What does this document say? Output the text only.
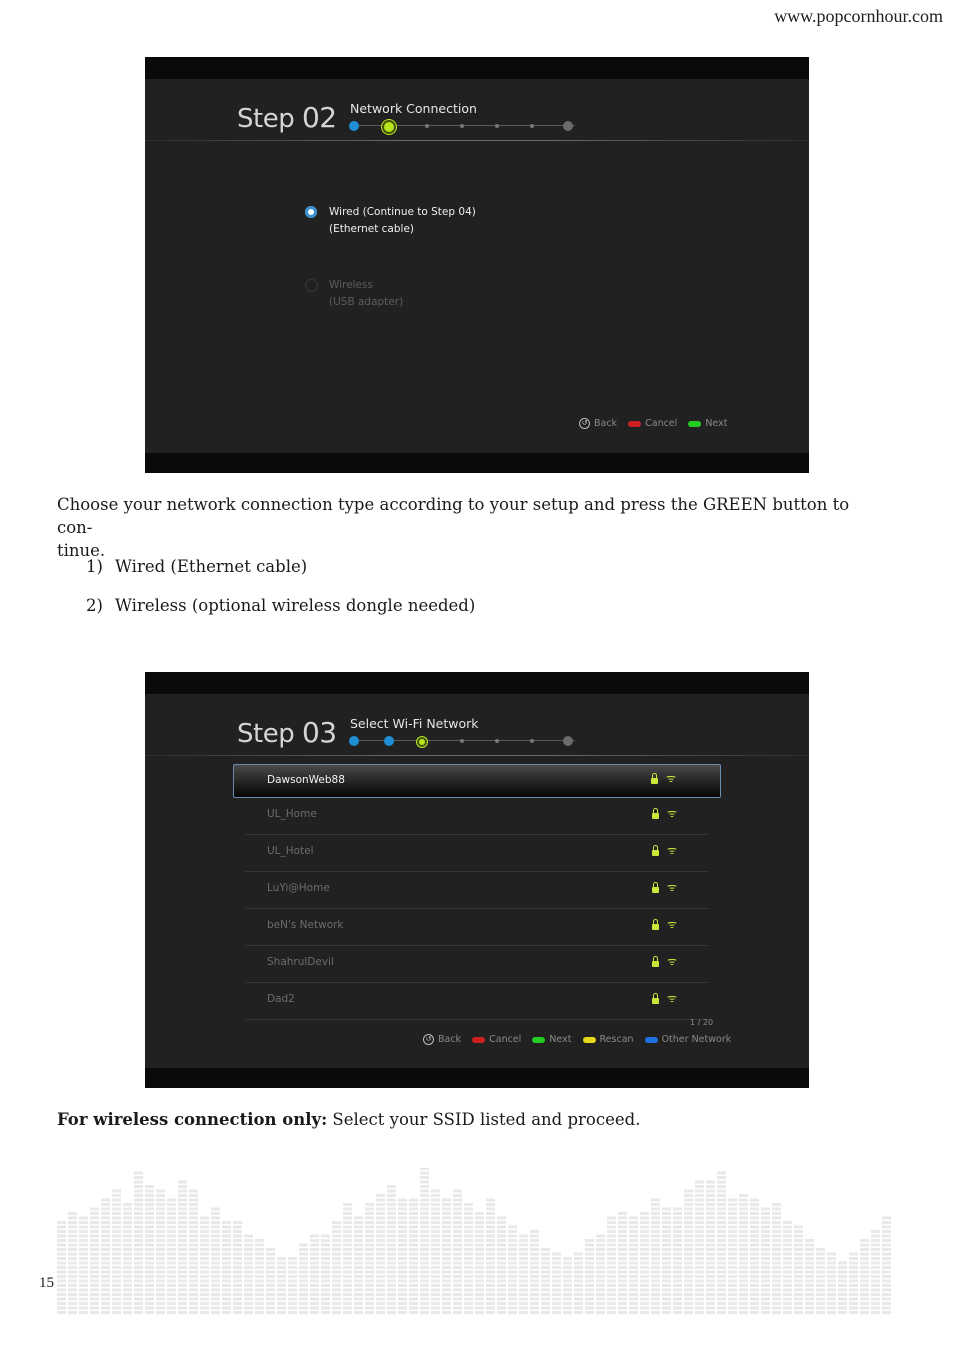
www.popcornhour.com
Step 02 Network Connection
Wired (Continue to Step 04)
(Ethernet cable)
Wireless
(USB adapter)
↺ Back	Cancel	Next
Choose your network connection type according to your setup and press the GREEN button to con-
tinue.
1) Wired (Ethernet cable)
2) Wireless (optional wireless dongle needed)
Step 03 Select Wi-Fi Network
DawsonWeb88	ᯤ
UL_Home	ᯤ
UL_Hotel	ᯤ
LuYi@Home	ᯤ
beN's Network	ᯤ
ShahrulDevil	ᯤ
Dad2	ᯤ
1 / 20
↺ Back	Cancel	Next	Rescan	Other Network
For wireless connection only: Select your SSID listed and proceed.
15
